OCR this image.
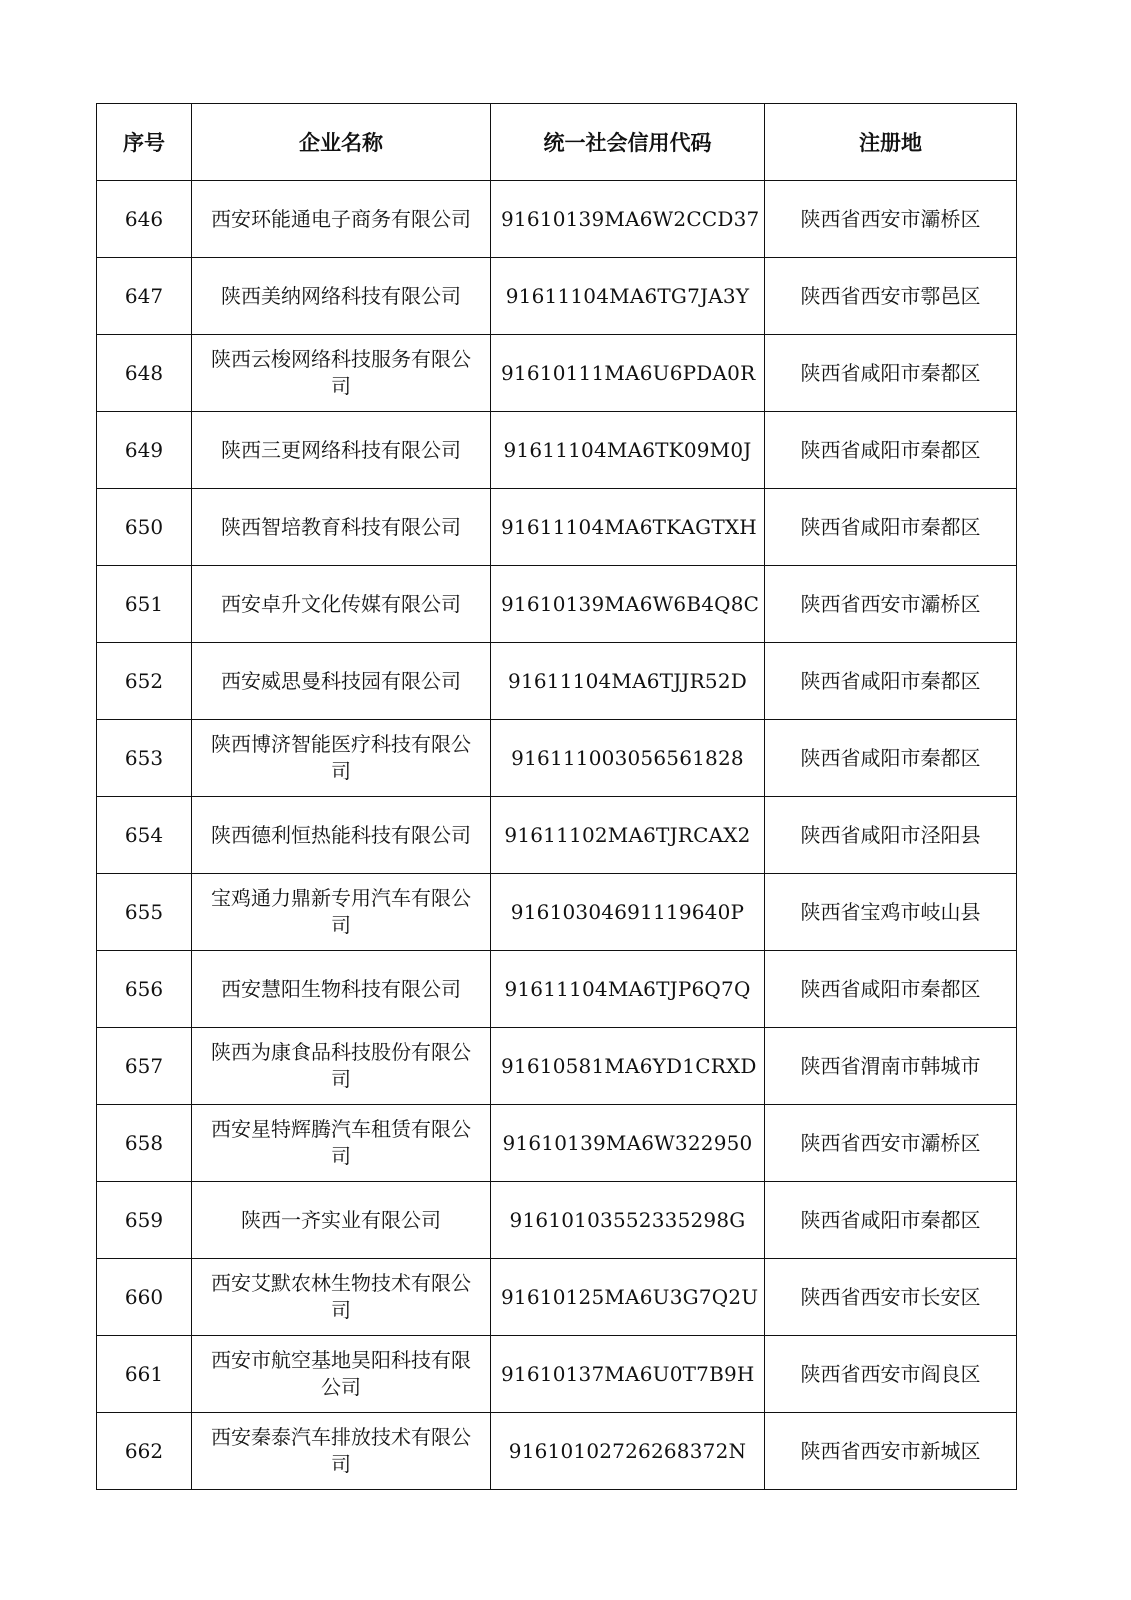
序号	企业名称	统一社会信用代码	注册地
646	西安环能通电子商务有限公司	91610139MA6W2CCD37	陕西省西安市灞桥区
647	陕西美纳网络科技有限公司	91611104MA6TG7JA3Y	陕西省西安市鄠邑区
648	陕西云梭网络科技服务有限公司	91610111MA6U6PDA0R	陕西省咸阳市秦都区
649	陕西三更网络科技有限公司	91611104MA6TK09M0J	陕西省咸阳市秦都区
650	陕西智培教育科技有限公司	91611104MA6TKAGTXH	陕西省咸阳市秦都区
651	西安卓升文化传媒有限公司	91610139MA6W6B4Q8C	陕西省西安市灞桥区
652	西安威思曼科技园有限公司	91611104MA6TJJR52D	陕西省咸阳市秦都区
653	陕西博济智能医疗科技有限公司	916111003056561828	陕西省咸阳市秦都区
654	陕西德利恒热能科技有限公司	91611102MA6TJRCAX2	陕西省咸阳市泾阳县
655	宝鸡通力鼎新专用汽车有限公司	91610304691119640P	陕西省宝鸡市岐山县
656	西安慧阳生物科技有限公司	91611104MA6TJP6Q7Q	陕西省咸阳市秦都区
657	陕西为康食品科技股份有限公司	91610581MA6YD1CRXD	陕西省渭南市韩城市
658	西安星特辉腾汽车租赁有限公司	91610139MA6W322950	陕西省西安市灞桥区
659	陕西一齐实业有限公司	91610103552335298G	陕西省咸阳市秦都区
660	西安艾默农林生物技术有限公司	91610125MA6U3G7Q2U	陕西省西安市长安区
661	西安市航空基地昊阳科技有限公司	91610137MA6U0T7B9H	陕西省西安市阎良区
662	西安秦泰汽车排放技术有限公司	91610102726268372N	陕西省西安市新城区
